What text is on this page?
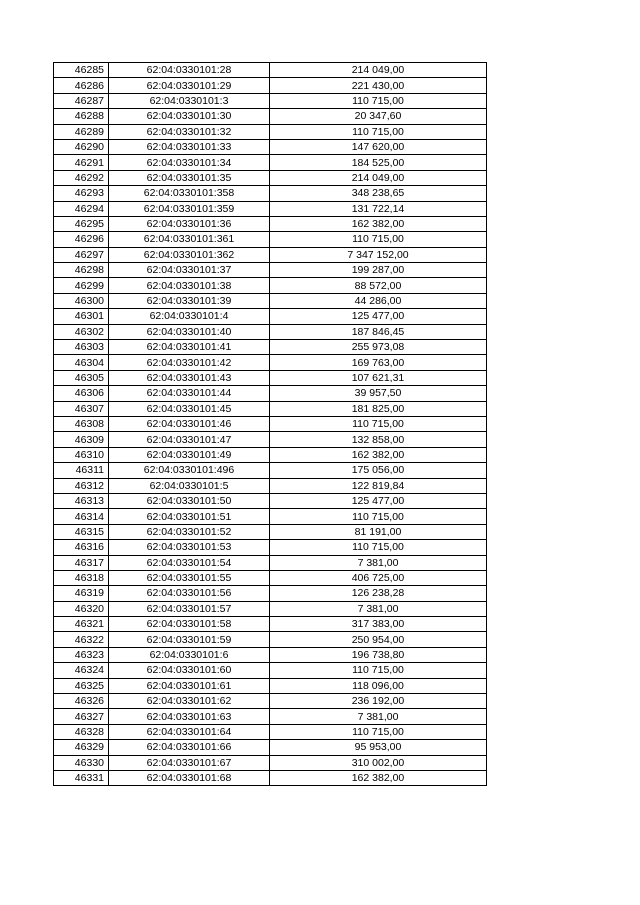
46285	62:04:0330101:28	214 049,00
46286	62:04:0330101:29	221 430,00
46287	62:04:0330101:3	110 715,00
46288	62:04:0330101:30	20 347,60
46289	62:04:0330101:32	110 715,00
46290	62:04:0330101:33	147 620,00
46291	62:04:0330101:34	184 525,00
46292	62:04:0330101:35	214 049,00
46293	62:04:0330101:358	348 238,65
46294	62:04:0330101:359	131 722,14
46295	62:04:0330101:36	162 382,00
46296	62:04:0330101:361	110 715,00
46297	62:04:0330101:362	7 347 152,00
46298	62:04:0330101:37	199 287,00
46299	62:04:0330101:38	88 572,00
46300	62:04:0330101:39	44 286,00
46301	62:04:0330101:4	125 477,00
46302	62:04:0330101:40	187 846,45
46303	62:04:0330101:41	255 973,08
46304	62:04:0330101:42	169 763,00
46305	62:04:0330101:43	107 621,31
46306	62:04:0330101:44	39 957,50
46307	62:04:0330101:45	181 825,00
46308	62:04:0330101:46	110 715,00
46309	62:04:0330101:47	132 858,00
46310	62:04:0330101:49	162 382,00
46311	62:04:0330101:496	175 056,00
46312	62:04:0330101:5	122 819,84
46313	62:04:0330101:50	125 477,00
46314	62:04:0330101:51	110 715,00
46315	62:04:0330101:52	81 191,00
46316	62:04:0330101:53	110 715,00
46317	62:04:0330101:54	7 381,00
46318	62:04:0330101:55	406 725,00
46319	62:04:0330101:56	126 238,28
46320	62:04:0330101:57	7 381,00
46321	62:04:0330101:58	317 383,00
46322	62:04:0330101:59	250 954,00
46323	62:04:0330101:6	196 738,80
46324	62:04:0330101:60	110 715,00
46325	62:04:0330101:61	118 096,00
46326	62:04:0330101:62	236 192,00
46327	62:04:0330101:63	7 381,00
46328	62:04:0330101:64	110 715,00
46329	62:04:0330101:66	95 953,00
46330	62:04:0330101:67	310 002,00
46331	62:04:0330101:68	162 382,00
